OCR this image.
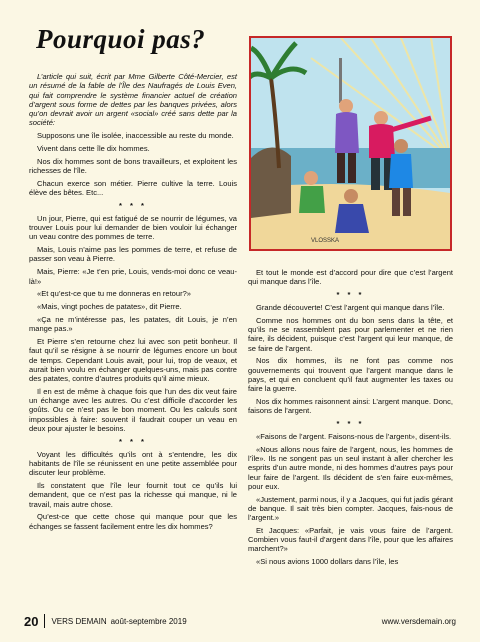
Pourquoi pas?
VLOSSKA

L’article qui suit, écrit par Mme Gilberte Côté-Mercier, est un résumé de la fable de l’Île des Naufragés de Louis Even, qui fait comprendre le système financier actuel de création d’argent sous forme de dettes par les banques privées, alors qu’on devrait avoir un argent «social» créé sans dette par la société:

Supposons une île isolée, inaccessible au reste du monde.

Vivent dans cette île dix hommes.

Nos dix hommes sont de bons travailleurs, et exploitent les richesses de l’île.

Chacun exerce son métier. Pierre cultive la terre. Louis élève des bêtes. Etc...

* * *

Un jour, Pierre, qui est fatigué de se nourrir de légumes, va trouver Louis pour lui demander de bien vouloir lui échanger un veau contre des pommes de terre.

Mais, Louis n’aime pas les pommes de terre, et refuse de passer son veau à Pierre.

Mais, Pierre: «Je t’en prie, Louis, vends-moi donc ce veau-là!»

«Et qu’est-ce que tu me donneras en retour?»

«Mais, vingt poches de patates», dit Pierre.

«Ça ne m’intéresse pas, les patates, dit Louis, je n’en mange pas.»

Et Pierre s’en retourne chez lui avec son petit bonheur. Il faut qu’il se résigne à se nourrir de légumes encore un bout de temps. Cependant Louis avait, pour lui, trop de veaux, et aurait bien voulu en échanger quelques-uns, mais pas contre des patates, contre d’autres produits qu’il aime mieux.

Il en est de même à chaque fois que l’un des dix veut faire un échange avec les autres. Ou c’est difficile d’accorder les goûts. Ou ce n’est pas le bon moment. Ou les calculs sont impossibles à faire: souvent il faudrait couper un veau en deux pour ajuster le besoins.

* * *

Voyant les difficultés qu’ils ont à s’entendre, les dix habitants de l’île se réunissent en une petite assemblée pour discuter leur problème.

Ils constatent que l’île leur fournit tout ce qu’ils lui demandent, que ce n’est pas la richesse qui manque, ni le travail, mais autre chose.

Qu’est-ce que cette chose qui manque pour que les échanges se fassent facilement entre les dix hommes?

Et tout le monde est d’accord pour dire que c’est l’argent qui manque dans l’île.

* * *

Grande découverte! C’est l’argent qui manque dans l’île.

Comme nos hommes ont du bon sens dans la tête, et qu’ils ne se rassemblent pas pour parlementer et ne rien faire, ils décident, puisque c’est l’argent qui leur manque, de se faire de l’argent.

Nos dix hommes, ils ne font pas comme nos gouvernements qui trouvent que l’argent manque dans le pays, et qui en concluent qu’il faut augmenter les taxes ou faire la guerre.

Nos dix hommes raisonnent ainsi: L’argent manque. Donc, faisons de l’argent.

* * *

«Faisons de l’argent. Faisons-nous de l’argent», disent-ils.

«Nous allons nous faire de l’argent, nous, les hommes de l’île». Ils ne songent pas un seul instant à aller chercher les esprits d’un autre monde, ni des hommes d’autres pays pour leur faire de l’argent. Ils décident de s’en faire eux-mêmes, pour eux.

«Justement, parmi nous, il y a Jacques, qui fut jadis gérant de banque. Il sait très bien compter. Jacques, fais-nous de l’argent.»

Et Jacques: «Parfait, je vais vous faire de l’argent. Combien vous faut-il d’argent dans l’île, pour que les affaires marchent?»

«Si nous avions 1000 dollars dans l’île, les

20 VERS DEMAIN août-septembre 2019	www.versdemain.org
